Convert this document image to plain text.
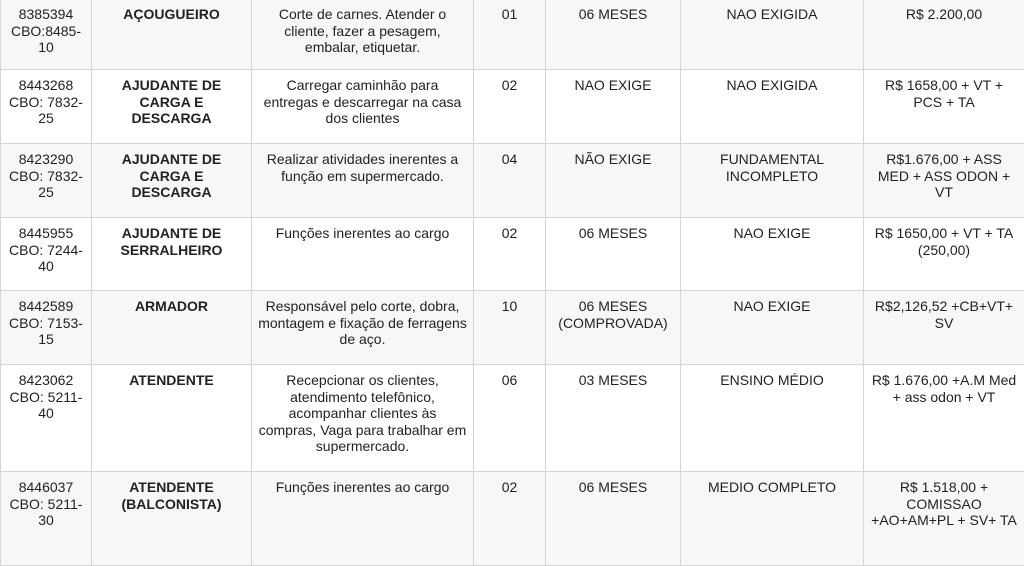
8385394 CBO:8485-10	AÇOUGUEIRO	Corte de carnes. Atender o cliente, fazer a pesagem, embalar, etiquetar.	01	06 MESES	NAO EXIGIDA	R$ 2.200,00
8443268 CBO: 7832-25	AJUDANTE DE CARGA E DESCARGA	Carregar caminhão para entregas e descarregar na casa dos clientes	02	NAO EXIGE	NAO EXIGIDA	R$ 1658,00 + VT + PCS + TA
8423290 CBO: 7832-25	AJUDANTE DE CARGA E DESCARGA	Realizar atividades inerentes a função em supermercado.	04	NÃO EXIGE	FUNDAMENTAL INCOMPLETO	R$1.676,00 + ASS MED + ASS ODON + VT
8445955 CBO: 7244-40	AJUDANTE DE SERRALHEIRO	Funções inerentes ao cargo	02	06 MESES	NAO EXIGE	R$ 1650,00 + VT + TA (250,00)
8442589 CBO: 7153-15	ARMADOR	Responsável pelo corte, dobra, montagem e fixação de ferragens de aço.	10	06 MESES (COMPROVADA)	NAO EXIGE	R$2,126,52 +CB+VT+ SV
8423062 CBO: 5211-40	ATENDENTE	Recepcionar os clientes, atendimento telefônico, acompanhar clientes às compras, Vaga para trabalhar em supermercado.	06	03 MESES	ENSINO MÉDIO	R$ 1.676,00 +A.M Med + ass odon + VT
8446037 CBO: 5211-30	ATENDENTE (BALCONISTA)	Funções inerentes ao cargo	02	06 MESES	MEDIO COMPLETO	R$ 1.518,00 + COMISSAO +AO+AM+PL + SV+ TA
